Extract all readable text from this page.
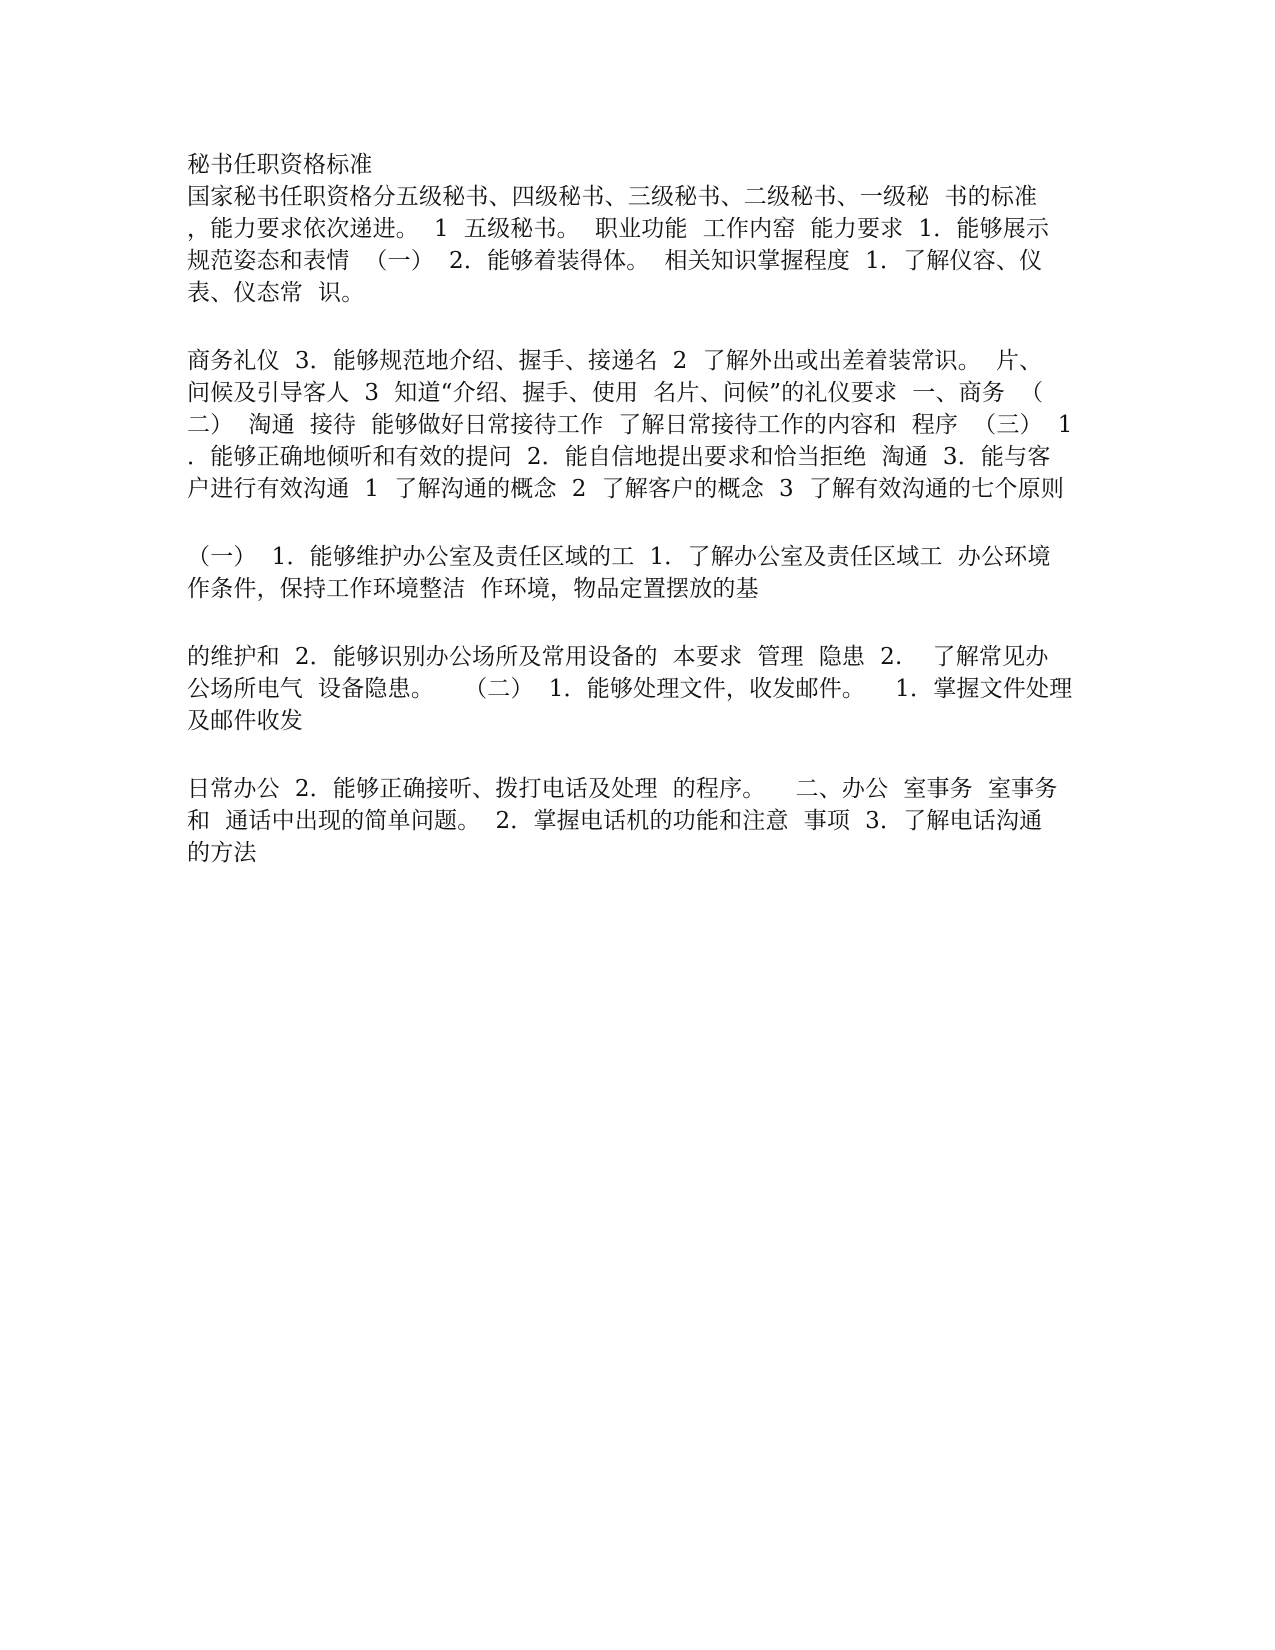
秘书任职资格标准
国家秘书任职资格分五级秘书、四级秘书、三级秘书、二级秘书、一级秘  书的标准
，能力要求依次递进。  1  五级秘书。  职业功能  工作内窑  能力要求  1．能够展示
规范姿态和表情  （一）  2．能够着装得体。  相关知识掌握程度  1．了解仪容、仪
表、仪态常  识。
商务礼仪  3．能够规范地介绍、握手、接递名  2  了解外出或出差着装常识。  片、
问候及引导客人  3  知道“介绍、握手、使用  名片、问候”的礼仪要求  一、商务  （
二）  淘通  接待  能够做好日常接待工作  了解日常接待工作的内容和  程序  （三）  1
．能够正确地倾听和有效的提问  2．能自信地提出要求和恰当拒绝  淘通  3．能与客
户进行有效沟通  1  了解沟通的概念  2  了解客户的概念  3  了解有效沟通的七个原则
（一）  1．能够维护办公室及责任区域的工  1．了解办公室及责任区域工  办公环境
作条件，保持工作环境整洁  作环境，物品定置摆放的基
的维护和  2．能够识别办公场所及常用设备的  本要求  管理  隐患  2.    了解常见办
公场所电气  设备隐患。    （二）  1．能够处理文件，收发邮件。    1．掌握文件处理
及邮件收发
日常办公  2．能够正确接听、拨打电话及处理  的程序。    二、办公  室事务  室事务
和  通话中出现的简单问题。  2．掌握电话机的功能和注意  事项  3．了解电话沟通
的方法
